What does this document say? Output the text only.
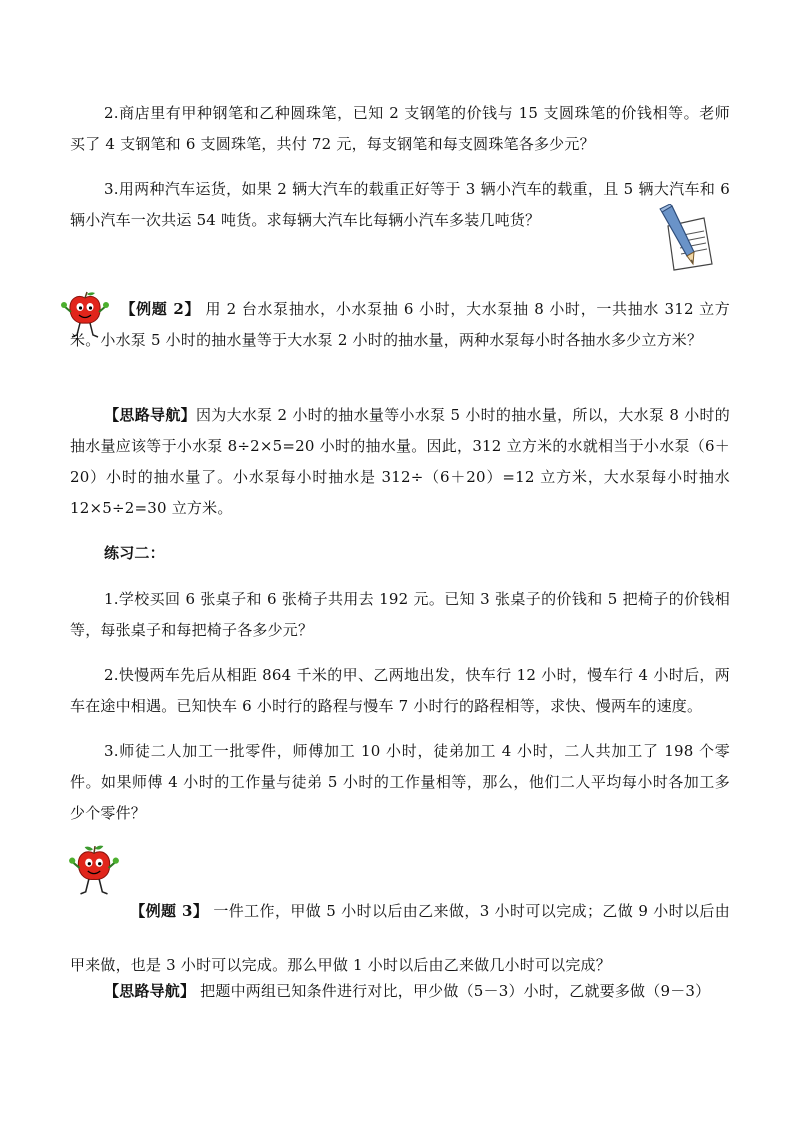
2.商店里有甲种钢笔和乙种圆珠笔，已知 2 支钢笔的价钱与 15 支圆珠笔的价钱相等。老师买了 4 支钢笔和 6 支圆珠笔，共付 72 元，每支钢笔和每支圆珠笔各多少元？

3.用两种汽车运货，如果 2 辆大汽车的载重正好等于 3 辆小汽车的载重，且 5 辆大汽车和 6 辆小汽车一次共运 54 吨货。求每辆大汽车比每辆小汽车多装几吨货？

【例题 2】 用 2 台水泵抽水，小水泵抽 6 小时，大水泵抽 8 小时，一共抽水 312 立方米。小水泵 5 小时的抽水量等于大水泵 2 小时的抽水量，两种水泵每小时各抽水多少立方米？
【思路导航】因为大水泵 2 小时的抽水量等小水泵 5 小时的抽水量，所以，大水泵 8 小时的抽水量应该等于小水泵 8÷2×5=20 小时的抽水量。因此，312 立方米的水就相当于小水泵（6＋20）小时的抽水量了。小水泵每小时抽水是 312÷（6＋20）=12 立方米，大水泵每小时抽水 12×5÷2=30 立方米。
练习二：

1.学校买回 6 张桌子和 6 张椅子共用去 192 元。已知 3 张桌子的价钱和 5 把椅子的价钱相等，每张桌子和每把椅子各多少元？

2.快慢两车先后从相距 864 千米的甲、乙两地出发，快车行 12 小时，慢车行 4 小时后，两车在途中相遇。已知快车 6 小时行的路程与慢车 7 小时行的路程相等，求快、慢两车的速度。

3.师徒二人加工一批零件，师傅加工 10 小时，徒弟加工 4 小时，二人共加工了 198 个零件。如果师傅 4 小时的工作量与徒弟 5 小时的工作量相等，那么，他们二人平均每小时各加工多少个零件？

【例题 3】 一件工作，甲做 5 小时以后由乙来做，3 小时可以完成；乙做 9 小时以后由甲来做，也是 3 小时可以完成。那么甲做 1 小时以后由乙来做几小时可以完成？
【思路导航】 把题中两组已知条件进行对比，甲少做（5－3）小时，乙就要多做（9－3）
